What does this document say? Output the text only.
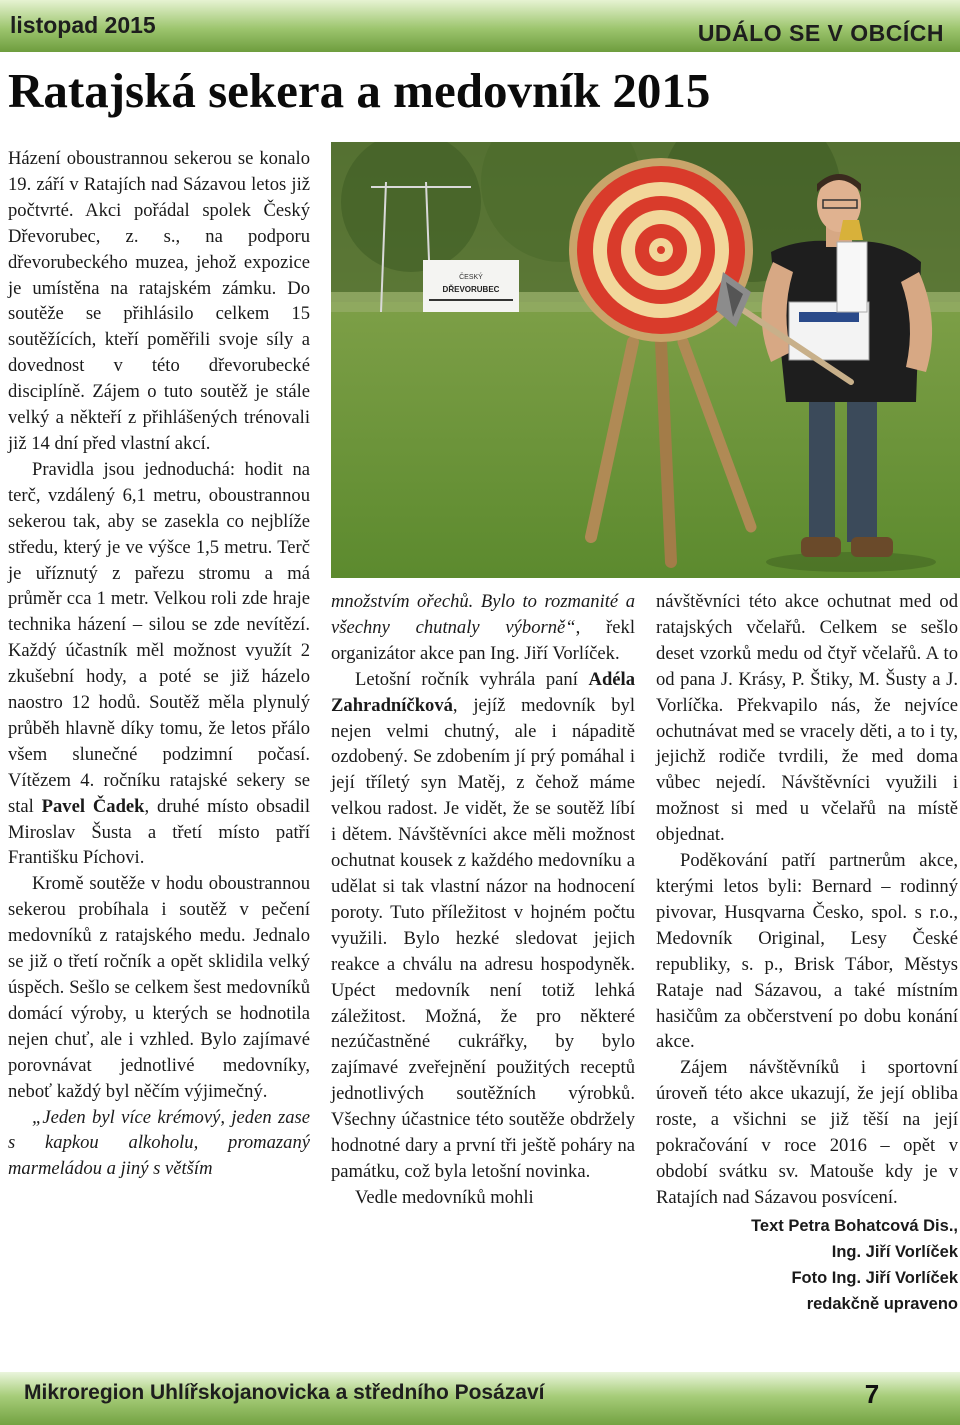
listopad 2015	UDÁLO SE V OBCÍCH
Ratajská sekera a medovník 2015

Házení oboustrannou sekerou se konalo 19. září v Ratajích nad Sázavou letos již počtvrté. Akci pořádal spolek Český Dřevorubec, z. s., na podporu dřevorubeckého muzea, jehož expozice je umístěna na ratajském zámku. Do soutěže se přihlásilo celkem 15 soutěžících, kteří poměřili svoje síly a dovednost v této dřevorubecké disciplíně. Zájem o tuto soutěž je stále velký a někteří z přihlášených trénovali již 14 dní před vlastní akcí.

Pravidla jsou jednoduchá: hodit na terč, vzdálený 6,1 metru, oboustrannou sekerou tak, aby se zasekla co nejblíže středu, který je ve výšce 1,5 metru. Terč je uříznutý z pařezu stromu a má průměr cca 1 metr. Velkou roli zde hraje technika házení – silou se zde nevítězí. Každý účastník měl možnost využít 2 zkušební hody, a poté se již házelo naostro 12 hodů. Soutěž měla plynulý průběh hlavně díky tomu, že letos přálo všem slunečné podzimní počasí. Vítězem 4. ročníku ratajské sekery se stal Pavel Čadek, druhé místo obsadil Miroslav Šusta a třetí místo patří Františku Píchovi.

Kromě soutěže v hodu oboustrannou sekerou probíhala i soutěž v pečení medovníků z ratajského medu. Jednalo se již o třetí ročník a opět sklidila velký úspěch. Sešlo se celkem šest medovníků domácí výroby, u kterých se hodnotila nejen chuť, ale i vzhled. Bylo zajímavé porovnávat jednotlivé medovníky, neboť každý byl něčím výjimečný.

„Jeden byl více krémový, jeden zase s kapkou alkoholu, promazaný marmeládou a jiný s větším

ČESKÝ
DŘEVORUBEC

množstvím ořechů. Bylo to rozmanité a všechny chutnaly výborně“, řekl organizátor akce pan Ing. Jiří Vorlíček.

Letošní ročník vyhrála paní Adéla Zahradníčková, jejíž medovník byl nejen velmi chutný, ale i nápaditě ozdobený. Se zdobením jí prý pomáhal i její tříletý syn Matěj, z čehož máme velkou radost. Je vidět, že se soutěž líbí i dětem. Návštěvníci akce měli možnost ochutnat kousek z každého medovníku a udělat si tak vlastní názor na hodnocení poroty. Tuto příležitost v hojném počtu využili. Bylo hezké sledovat jejich reakce a chválu na adresu hospodyněk. Upéct medovník není totiž lehká záležitost. Možná, že pro některé nezúčastněné cukrářky, by bylo zajímavé zveřejnění použitých receptů jednotlivých soutěžních výrobků. Všechny účastnice této soutěže obdržely hodnotné dary a první tři ještě poháry na památku, což byla letošní novinka.

Vedle medovníků mohli

návštěvníci této akce ochutnat med od ratajských včelařů. Celkem se sešlo deset vzorků medu od čtyř včelařů. A to od pana J. Krásy, P. Štiky, M. Šusty a J. Vorlíčka. Překvapilo nás, že nejvíce ochutnávat med se vracely děti, a to i ty, jejichž rodiče tvrdili, že med doma vůbec nejedí. Návštěvníci využili i možnost si med u včelařů na místě objednat.

Poděkování patří partnerům akce, kterými letos byli: Bernard – rodinný pivovar, Husqvarna Česko, spol. s r.o., Medovník Original, Lesy České republiky, s. p., Brisk Tábor, Městys Rataje nad Sázavou, a také místním hasičům za občerstvení po dobu konání akce.

Zájem návštěvníků i sportovní úroveň této akce ukazují, že její obliba roste, a všichni se již těší na její pokračování v roce 2016 – opět v období svátku sv. Matouše kdy je v Ratajích nad Sázavou posvícení.

Text Petra Bohatcová Dis.,
Ing. Jiří Vorlíček
Foto Ing. Jiří Vorlíček
redakčně upraveno
Mikroregion Uhlířskojanovicka a středního Posázaví	7
